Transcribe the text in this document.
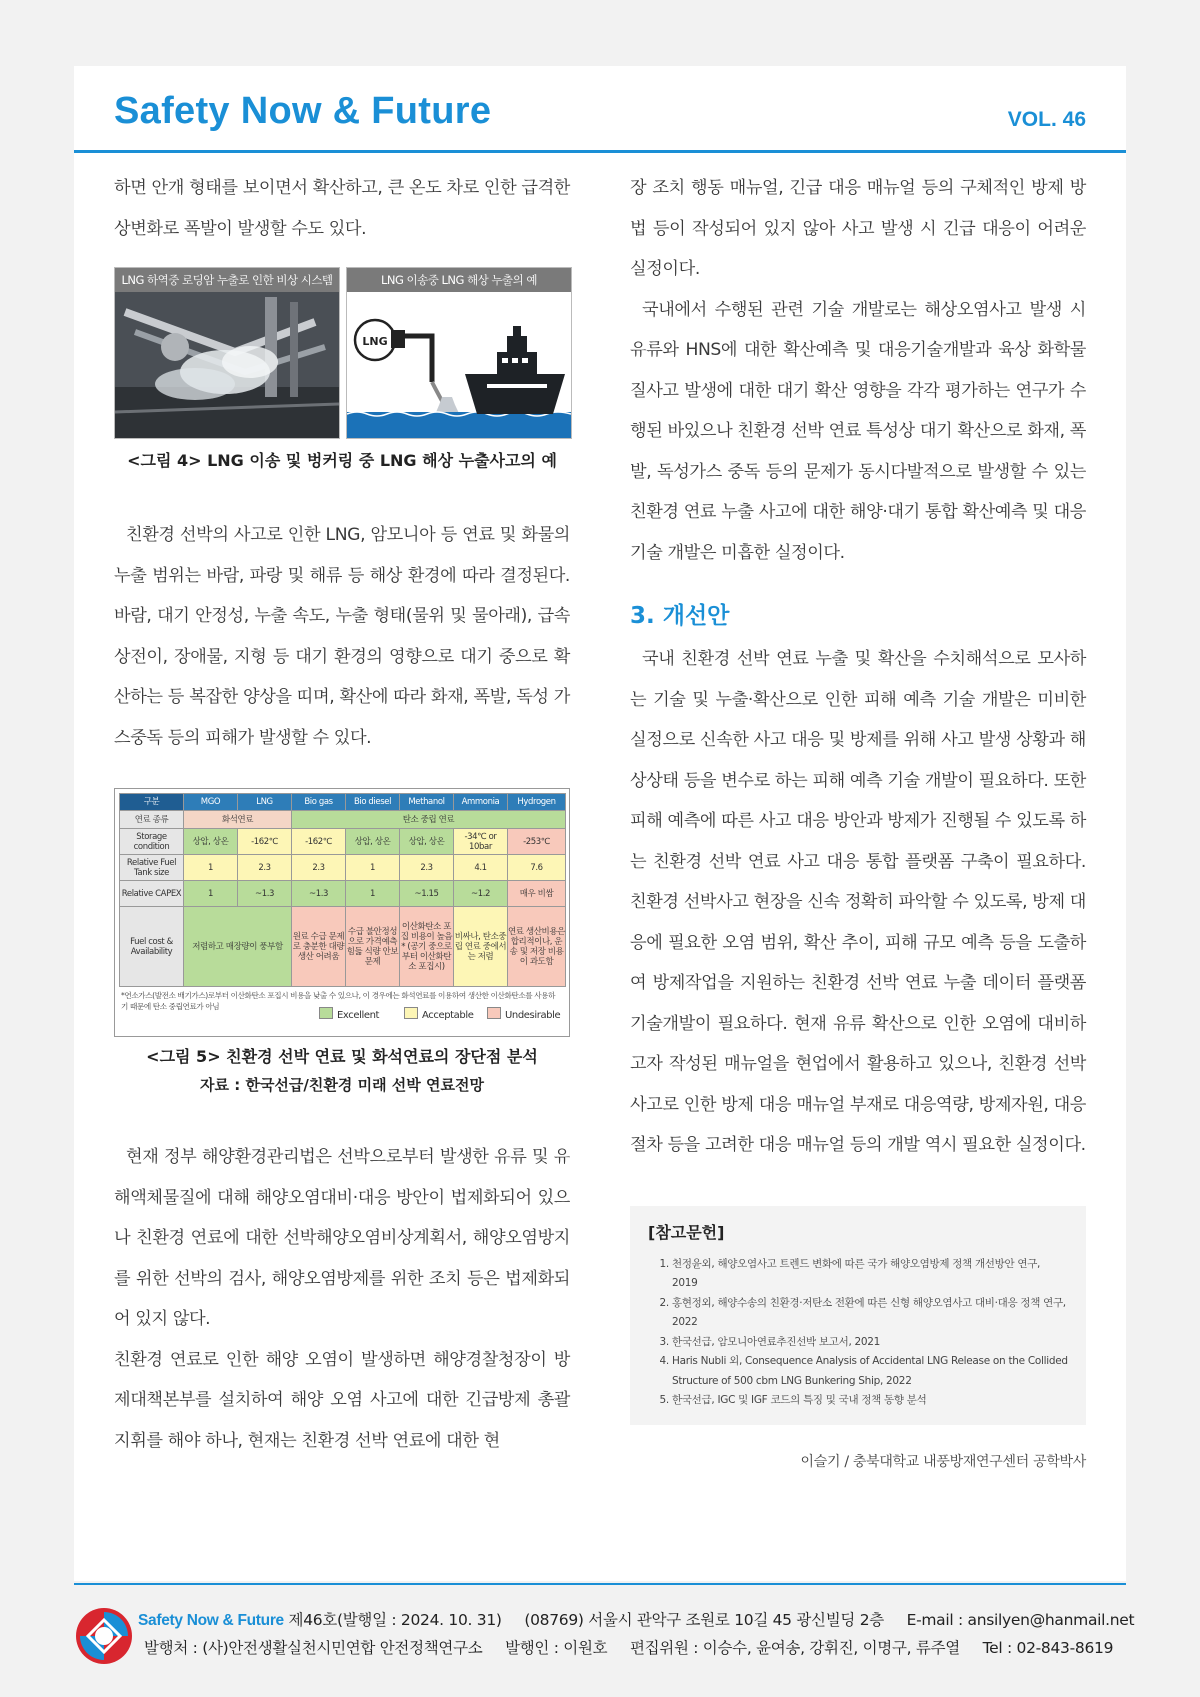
Safety Now & Future	VOL. 46

하면 안개 형태를 보이면서 확산하고, 큰 온도 차로 인한 급격한 상변화로 폭발이 발생할 수도 있다.

LNG 하역중 로딩암 누출로 인한 비상 시스템	LNG 이송중 LNG 해상 누출의 예
LNG

<그림 4> LNG 이송 및 벙커링 중 LNG 해상 누출사고의 예

친환경 선박의 사고로 인한 LNG, 암모니아 등 연료 및 화물의 누출 범위는 바람, 파랑 및 해류 등 해상 환경에 따라 결정된다. 바람, 대기 안정성, 누출 속도, 누출 형태(물위 및 물아래), 급속상전이, 장애물, 지형 등 대기 환경의 영향으로 대기 중으로 확산하는 등 복잡한 양상을 띠며, 확산에 따라 화재, 폭발, 독성 가스중독 등의 피해가 발생할 수 있다.

구분	MGO	LNG	Bio gas	Bio diesel	Methanol	Ammonia	Hydrogen
연료 종류	화석연료		탄소 중립 연료				
Storage condition	상압, 상온	-162℃	-162℃	상압, 상온	상압, 상온	-34℃ or 10bar	-253℃
Relative Fuel Tank size	1	2.3	2.3	1	2.3	4.1	7.6
Relative CAPEX	1	~1.3	~1.3	1	~1.15	~1.2	매우 비쌈
Fuel cost & Availability	저렴하고 매장량이 풍부함		원료 수급 문제로 충분한 대량생산 어려움	수급 불안정성으로 가격예측 힘듦 식량 안보 문제	이산화탄소 포집 비용이 높음* (공기 중으로부터 이산화탄소 포집시)	비싸나, 탄소중립 연료 중에서는 저렴	연료 생산비용은 합리적이나, 운송 및 저장 비용이 과도함
*연소가스(발전소 배기가스)로부터 이산화탄소 포집시 비용을 낮출 수 있으나, 이 경우에는 화석연료를 이용하여 생산한 이산화탄소를 사용하기 때문에 탄소 중립연료가 아님
Excellent	Acceptable	Undesirable

<그림 5> 친환경 선박 연료 및 화석연료의 장단점 분석

자료 : 한국선급/친환경 미래 선박 연료전망

현재 정부 해양환경관리법은 선박으로부터 발생한 유류 및 유해액체물질에 대해 해양오염대비·대응 방안이 법제화되어 있으나 친환경 연료에 대한 선박해양오염비상계획서, 해양오염방지를 위한 선박의 검사, 해양오염방제를 위한 조치 등은 법제화되어 있지 않다.

친환경 연료로 인한 해양 오염이 발생하면 해양경찰청장이 방제대책본부를 설치하여 해양 오염 사고에 대한 긴급방제 총괄 지휘를 해야 하나, 현재는 친환경 선박 연료에 대한 현

장 조치 행동 매뉴얼, 긴급 대응 매뉴얼 등의 구체적인 방제 방법 등이 작성되어 있지 않아 사고 발생 시 긴급 대응이 어려운 실정이다.

국내에서 수행된 관련 기술 개발로는 해상오염사고 발생 시 유류와 HNS에 대한 확산예측 및 대응기술개발과 육상 화학물질사고 발생에 대한 대기 확산 영향을 각각 평가하는 연구가 수행된 바있으나 친환경 선박 연료 특성상 대기 확산으로 화재, 폭발, 독성가스 중독 등의 문제가 동시다발적으로 발생할 수 있는 친환경 연료 누출 사고에 대한 해양·대기 통합 확산예측 및 대응 기술 개발은 미흡한 실정이다.

3. 개선안

국내 친환경 선박 연료 누출 및 확산을 수치해석으로 모사하는 기술 및 누출·확산으로 인한 피해 예측 기술 개발은 미비한 실정으로 신속한 사고 대응 및 방제를 위해 사고 발생 상황과 해상상태 등을 변수로 하는 피해 예측 기술 개발이 필요하다. 또한 피해 예측에 따른 사고 대응 방안과 방제가 진행될 수 있도록 하는 친환경 선박 연료 사고 대응 통합 플랫폼 구축이 필요하다. 친환경 선박사고 현장을 신속 정확히 파악할 수 있도록, 방제 대응에 필요한 오염 범위, 확산 추이, 피해 규모 예측 등을 도출하여 방제작업을 지원하는 친환경 선박 연료 누출 데이터 플랫폼 기술개발이 필요하다. 현재 유류 확산으로 인한 오염에 대비하고자 작성된 매뉴얼을 현업에서 활용하고 있으나, 친환경 선박 사고로 인한 방제 대응 매뉴얼 부재로 대응역량, 방제자원, 대응절차 등을 고려한 대응 매뉴얼 등의 개발 역시 필요한 실정이다.

[참고문헌]
1. 천정윤외, 해양오염사고 트렌드 변화에 따른 국가 해양오염방제 정책 개선방안 연구, 2019
2. 홍현정외, 해양수송의 친환경·저탄소 전환에 따른 신형 해양오염사고 대비·대응 정책 연구, 2022
3. 한국선급, 암모니아연료추진선박 보고서, 2021
4. Haris Nubli 외, Consequence Analysis of Accidental LNG Release on the Collided Structure of 500 cbm LNG Bunkering Ship, 2022
5. 한국선급, IGC 및 IGF 코드의 특징 및 국내 정책 동향 분석
이슬기 / 충북대학교 내풍방재연구센터 공학박사
Safety Now & Future 제46호(발행일 : 2024. 10. 31) (08769) 서울시 관악구 조원로 10길 45 광신빌딩 2층 E-mail : ansilyen@hanmail.net
발행처 : (사)안전생활실천시민연합 안전정책연구소 발행인 : 이원호 편집위원 : 이승수, 윤여송, 강휘진, 이명구, 류주열 Tel : 02-843-8619
